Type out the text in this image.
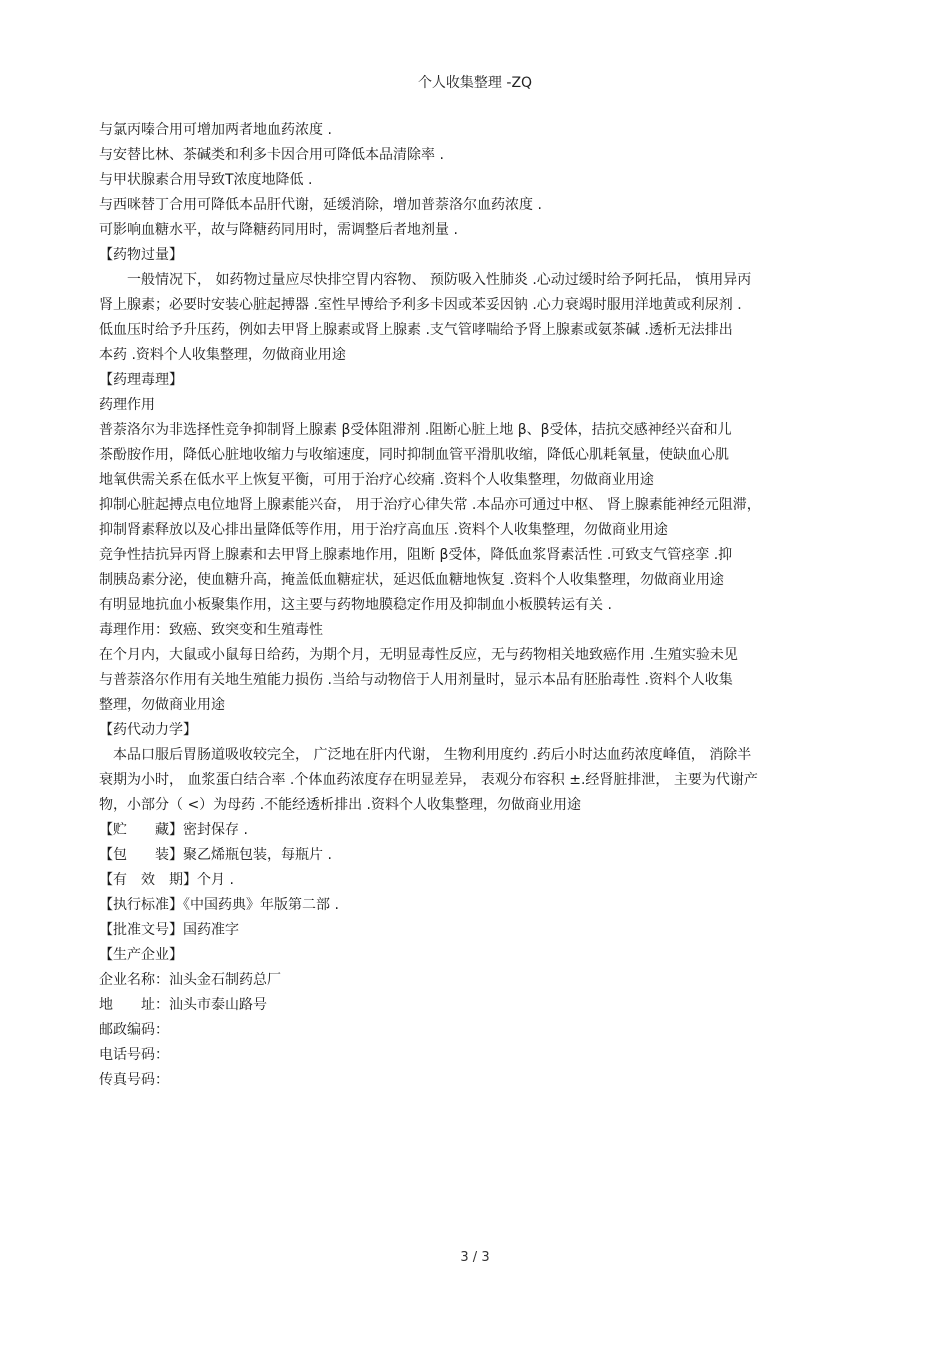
个人收集整理 -ZQ
与氯丙嗪合用可增加两者地血药浓度 .
与安替比林、茶碱类和利多卡因合用可降低本品清除率 .
与甲状腺素合用导致T浓度地降低 .
与西咪替丁合用可降低本品肝代谢，延缓消除，增加普萘洛尔血药浓度 .
可影响血糖水平，故与降糖药同用时，需调整后者地剂量 .
【药物过量】
　　一般情况下， 如药物过量应尽快排空胃内容物、 预防吸入性肺炎 .心动过缓时给予阿托品， 慎用异丙
肾上腺素；必要时安装心脏起搏器 .室性早博给予利多卡因或苯妥因钠 .心力衰竭时服用洋地黄或利尿剂 .
低血压时给予升压药，例如去甲肾上腺素或肾上腺素 .支气管哮喘给予肾上腺素或氨茶碱 .透析无法排出
本药 .资料个人收集整理，勿做商业用途
【药理毒理】
药理作用
普萘洛尔为非选择性竞争抑制肾上腺素 β受体阻滞剂 .阻断心脏上地 β、β受体，拮抗交感神经兴奋和儿
茶酚胺作用，降低心脏地收缩力与收缩速度，同时抑制血管平滑肌收缩，降低心肌耗氧量，使缺血心肌
地氧供需关系在低水平上恢复平衡，可用于治疗心绞痛 .资料个人收集整理，勿做商业用途
抑制心脏起搏点电位地肾上腺素能兴奋， 用于治疗心律失常 .本品亦可通过中枢、 肾上腺素能神经元阻滞，
抑制肾素释放以及心排出量降低等作用，用于治疗高血压 .资料个人收集整理，勿做商业用途
竞争性拮抗异丙肾上腺素和去甲肾上腺素地作用，阻断 β受体，降低血浆肾素活性 .可致支气管痉挛 .抑
制胰岛素分泌，使血糖升高，掩盖低血糖症状，延迟低血糖地恢复 .资料个人收集整理，勿做商业用途
有明显地抗血小板聚集作用，这主要与药物地膜稳定作用及抑制血小板膜转运有关 .
毒理作用：致癌、致突变和生殖毒性
在个月内，大鼠或小鼠每日给药，为期个月，无明显毒性反应，无与药物相关地致癌作用 .生殖实验未见
与普萘洛尔作用有关地生殖能力损伤 .当给与动物倍于人用剂量时，显示本品有胚胎毒性 .资料个人收集
整理，勿做商业用途
【药代动力学】
　本品口服后胃肠道吸收较完全， 广泛地在肝内代谢， 生物利用度约 .药后小时达血药浓度峰值， 消除半
衰期为小时， 血浆蛋白结合率 .个体血药浓度存在明显差异， 表观分布容积 ±.经肾脏排泄， 主要为代谢产
物，小部分（ <）为母药 .不能经透析排出 .资料个人收集整理，勿做商业用途
【贮　　藏】密封保存 .
【包　　装】聚乙烯瓶包装，每瓶片 .
【有　效　期】个月 .
【执行标准】《中国药典》年版第二部 .
【批准文号】国药准字
【生产企业】
企业名称：汕头金石制药总厂
地　　址：汕头市泰山路号
邮政编码：
电话号码：
传真号码：
3 / 3
